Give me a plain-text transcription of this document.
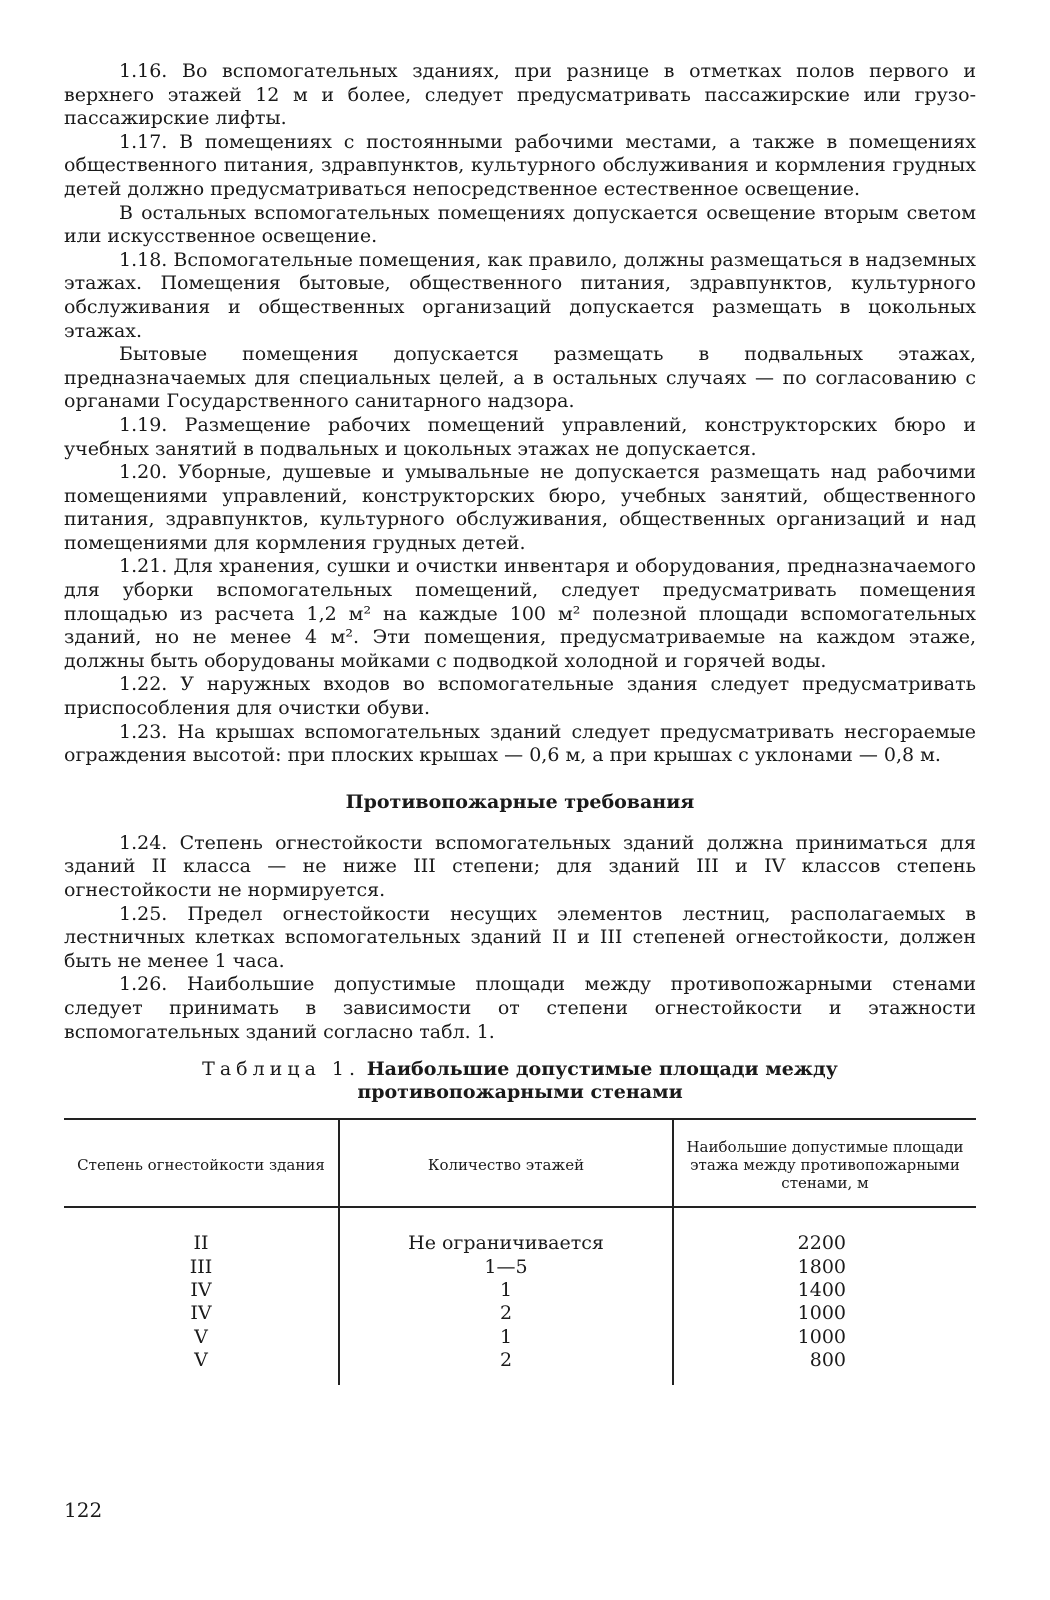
1.16. Во вспомогательных зданиях, при разнице в отметках полов первого и верхнего этажей 12 м и более, следует предусматривать пассажирские или грузо-пассажирские лифты.

1.17. В помещениях с постоянными рабочими местами, а также в помещениях общественного питания, здравпунктов, культурного обслуживания и кормления грудных детей должно предусматриваться непосредственное естественное освещение.

В остальных вспомогательных помещениях допускается освещение вторым светом или искусственное освещение.

1.18. Вспомогательные помещения, как правило, должны размещаться в надземных этажах. Помещения бытовые, общественного питания, здравпунктов, культурного обслуживания и общественных организаций допускается размещать в цокольных этажах.

Бытовые помещения допускается размещать в подвальных этажах, предназначаемых для специальных целей, а в остальных случаях — по согласованию с органами Государственного санитарного надзора.

1.19. Размещение рабочих помещений управлений, конструкторских бюро и учебных занятий в подвальных и цокольных этажах не допускается.

1.20. Уборные, душевые и умывальные не допускается размещать над рабочими помещениями управлений, конструкторских бюро, учебных занятий, общественного питания, здравпунктов, культурного обслуживания, общественных организаций и над помещениями для кормления грудных детей.

1.21. Для хранения, сушки и очистки инвентаря и оборудования, предназначаемого для уборки вспомогательных помещений, следует предусматривать помещения площадью из расчета 1,2 м² на каждые 100 м² полезной площади вспомогательных зданий, но не менее 4 м². Эти помещения, предусматриваемые на каждом этаже, должны быть оборудованы мойками с подводкой холодной и горячей воды.

1.22. У наружных входов во вспомогательные здания следует предусматривать приспособления для очистки обуви.

1.23. На крышах вспомогательных зданий следует предусматривать несгораемые ограждения высотой: при плоских крышах — 0,6 м, а при крышах с уклонами — 0,8 м.

Противопожарные требования

1.24. Степень огнестойкости вспомогательных зданий должна приниматься для зданий II класса — не ниже III степени; для зданий III и IV классов степень огнестойкости не нормируется.

1.25. Предел огнестойкости несущих элементов лестниц, располагаемых в лестничных клетках вспомогательных зданий II и III степеней огнестойкости, должен быть не менее 1 часа.

1.26. Наибольшие допустимые площади между противопожарными стенами следует принимать в зависимости от степени огнестойкости и этажности вспомогательных зданий согласно табл. 1.

Таблица 1. Наибольшие допустимые площади между
противопожарными стенами
Степень огнестойкости здания	Количество этажей	Наибольшие допустимые площади этажа между противопожарными стенами, м
II	Не ограничивается	2200
III	1—5	1800
IV	1	1400
IV	2	1000
V	1	1000
V	2	800
122
